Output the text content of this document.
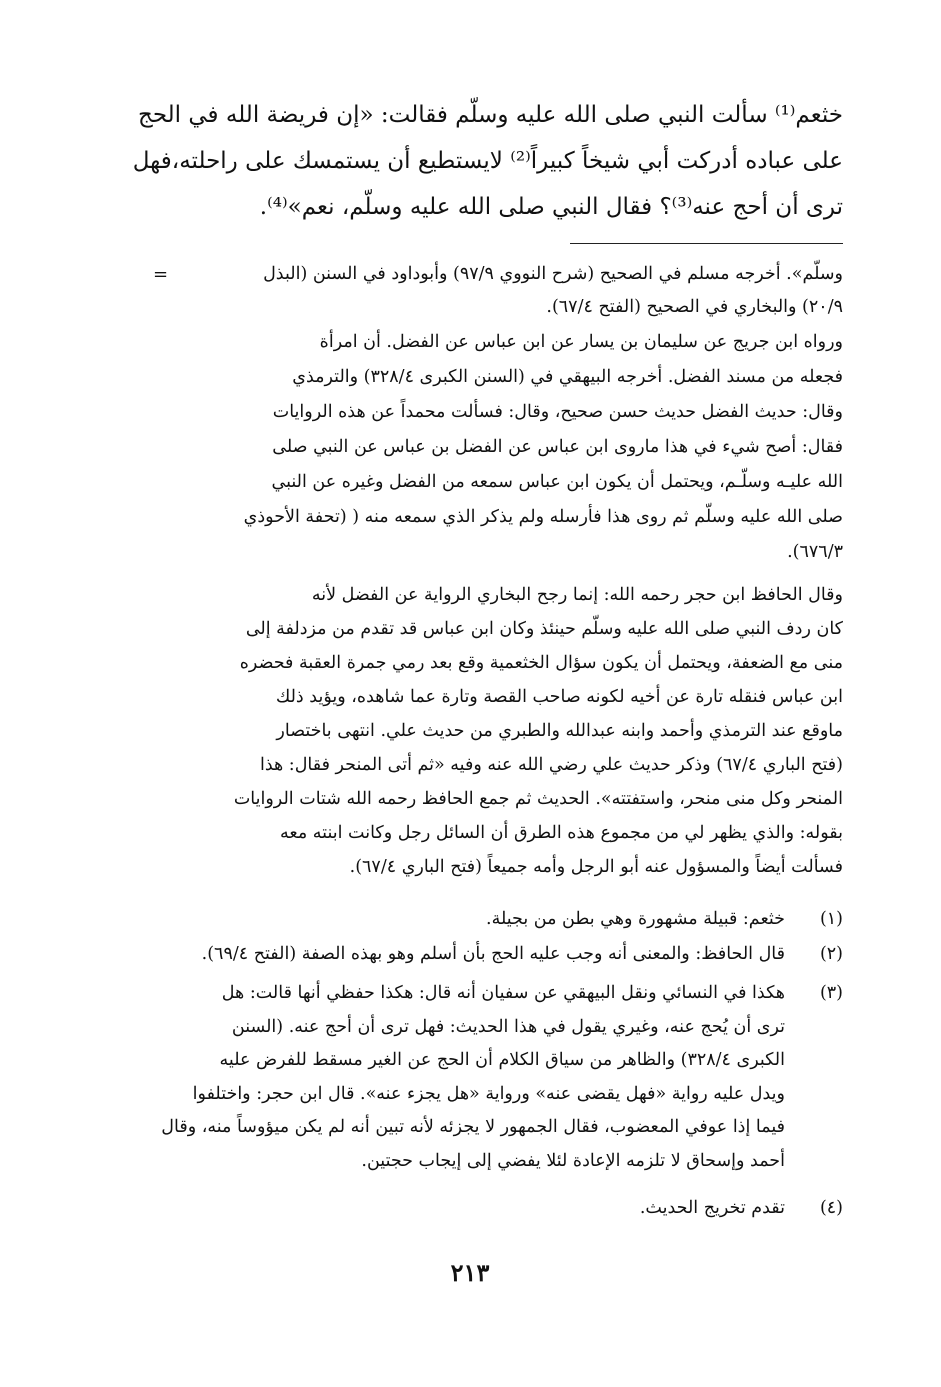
خثعم⁽¹⁾ سألت النبي صلى الله عليه وسلّم فقالت: «إن فريضة الله في الحج
على عباده أدركت أبي شيخاً كبيراً⁽²⁾ لايستطيع أن يستمسك على راحلته،فهل
ترى أن أحج عنه⁽³⁾؟ فقال النبي صلى الله عليه وسلّم، نعم»⁽⁴⁾.
=	وسلّم». أخرجه مسلم في الصحيح (شرح النووي ٩٧/٩) وأبوداود في السنن (البذل
٢٠/٩) والبخاري في الصحيح (الفتح ٦٧/٤).
ورواه ابن جريج عن سليمان بن يسار عن ابن عباس عن الفضل. أن امرأة
فجعله من مسند الفضل. أخرجه البيهقي في (السنن الكبرى ٣٢٨/٤) والترمذي
وقال: حديث الفضل حديث حسن صحيح، وقال: فسألت محمداً عن هذه الروايات
فقال: أصح شيء في هذا ماروى ابن عباس عن الفضل بن عباس عن النبي صلى
الله عليـه وسلّـم، ويحتمل أن يكون ابن عباس سمعه من الفضل وغيره عن النبي
صلى الله عليه وسلّم ثم روى هذا فأرسله ولم يذكر الذي سمعه منه ( (تحفة الأحوذي
٦٧٦/٣).
وقال الحافظ ابن حجر رحمه الله: إنما رجح البخاري الرواية عن الفضل لأنه
كان ردف النبي صلى الله عليه وسلّم حينئذ وكان ابن عباس قد تقدم من مزدلفة إلى
منى مع الضعفة، ويحتمل أن يكون سؤال الخثعمية وقع بعد رمي جمرة العقبة فحضره
ابن عباس فنقله تارة عن أخيه لكونه صاحب القصة وتارة عما شاهده، ويؤيد ذلك
ماوقع عند الترمذي وأحمد وابنه عبدالله والطبري من حديث علي. انتهى باختصار
(فتح الباري ٦٧/٤) وذكر حديث علي رضي الله عنه وفيه «ثم أتى المنحر فقال: هذا
المنحر وكل منى منحر، واستفتته». الحديث ثم جمع الحافظ رحمه الله شتات الروايات
بقوله: والذي يظهر لي من مجموع هذه الطرق أن السائل رجل وكانت ابنته معه
فسألت أيضاً والمسؤول عنه أبو الرجل وأمه جميعاً (فتح الباري ٦٧/٤).
(١)
خثعم: قبيلة مشهورة وهي بطن من بجيلة.
(٢)
قال الحافظ: والمعنى أنه وجب عليه الحج بأن أسلم وهو بهذه الصفة (الفتح ٦٩/٤).
(٣)
هكذا في النسائي ونقل البيهقي عن سفيان أنه قال: هكذا حفظي أنها قالت: هل
ترى أن يُحج عنه، وغيري يقول في هذا الحديث: فهل ترى أن أحج عنه. (السنن
الكبرى ٣٢٨/٤) والظاهر من سياق الكلام أن الحج عن الغير مسقط للفرض عليه
ويدل عليه رواية «فهل يقضى عنه» ورواية «هل يجزء عنه». قال ابن حجر: واختلفوا
فيما إذا عوفي المعضوب، فقال الجمهور لا يجزئه لأنه تبين أنه لم يكن ميؤوساً منه، وقال
أحمد وإسحاق لا تلزمه الإعادة لئلا يفضي إلى إيجاب حجتين.
(٤)
تقدم تخريج الحديث.
٢١٣
